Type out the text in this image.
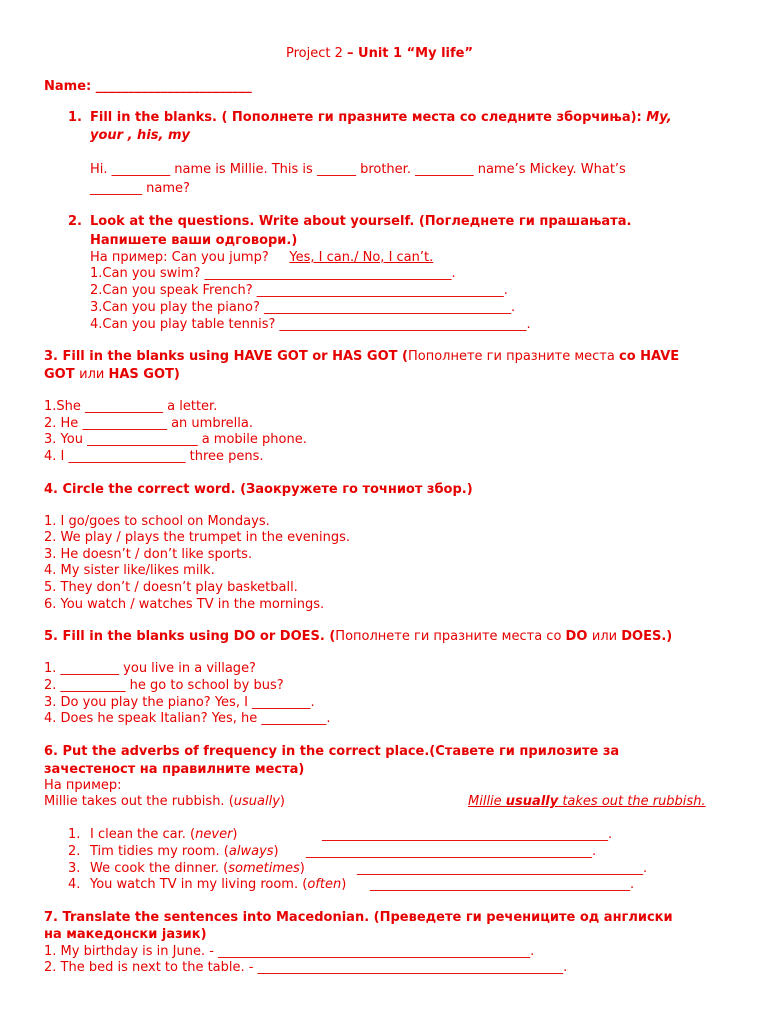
Project 2 – Unit 1 “My life”
Name: ________________________
1. Fill in the blanks. ( Пополнете ги празните места со следните зборчиња): My,
your , his, my
Hi. _________ name is Millie. This is ______ brother. _________ name’s Mickey. What’s
________ name?
2. Look at the questions. Write about yourself. (Погледнете ги прашањата.
Напишете ваши одговори.)
На пример: Can you jump?     Yes, I can./ No, I can’t.
1.Can you swim? ______________________________________.
2.Can you speak French? ______________________________________.
3.Can you play the piano? ______________________________________.
4.Can you play table tennis? ______________________________________.
3. Fill in the blanks using HAVE GOT or HAS GOT (Пополнете ги празните места со HAVE
GOT или HAS GOT)
1.She ____________ a letter.
2. He _____________ an umbrella.
3. You _________________ a mobile phone.
4. I __________________ three pens.
4. Circle the correct word. (Заокружете го точниот збор.)
1. I go/goes to school on Mondays.
2. We play / plays the trumpet in the evenings.
3. He doesn’t / don’t like sports.
4. My sister like/likes milk.
5. They don’t / doesn’t play basketball.
6. You watch / watches TV in the mornings.
5. Fill in the blanks using DO or DOES. (Пополнете ги празните места со DO или DOES.)
1. _________ you live in a village?
2. __________ he go to school by bus?
3. Do you play the piano? Yes, I _________.
4. Does he speak Italian? Yes, he __________.
6. Put the adverbs of frequency in the correct place.(Ставете ги прилозите за
зачестеност на правилните места)
На пример:
Millie takes out the rubbish. (usually)	Millie usually takes out the rubbish.
1. I clean the car. (never)	____________________________________________.
2. Tim tidies my room. (always) ____________________________________________.
3. We cook the dinner. (sometimes)	____________________________________________.
4. You watch TV in my living room. (often) ________________________________________.
7. Translate the sentences into Macedonian. (Преведете ги речениците од англиски
на македонски јазик)
1. My birthday is in June. - ________________________________________________.
2. The bed is next to the table. - _______________________________________________.
